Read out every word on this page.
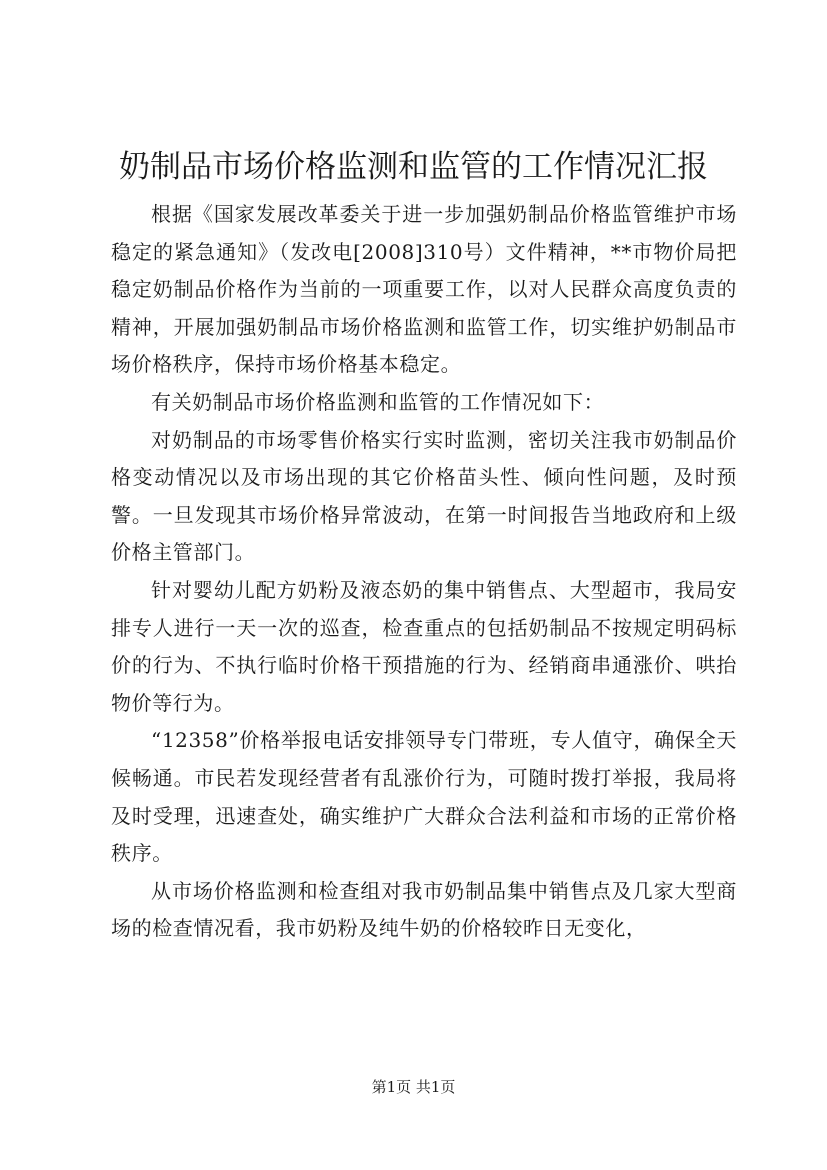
奶制品市场价格监测和监管的工作情况汇报

根据《国家发展改革委关于进一步加强奶制品价格监管维护市场稳定的紧急通知》（发改电[2008]310号）文件精神，**市物价局把稳定奶制品价格作为当前的一项重要工作，以对人民群众高度负责的精神，开展加强奶制品市场价格监测和监管工作，切实维护奶制品市场价格秩序，保持市场价格基本稳定。

有关奶制品市场价格监测和监管的工作情况如下：

对奶制品的市场零售价格实行实时监测，密切关注我市奶制品价格变动情况以及市场出现的其它价格苗头性、倾向性问题，及时预警。一旦发现其市场价格异常波动，在第一时间报告当地政府和上级价格主管部门。

针对婴幼儿配方奶粉及液态奶的集中销售点、大型超市，我局安排专人进行一天一次的巡查，检查重点的包括奶制品不按规定明码标价的行为、不执行临时价格干预措施的行为、经销商串通涨价、哄抬物价等行为。

“12358”价格举报电话安排领导专门带班，专人值守，确保全天候畅通。市民若发现经营者有乱涨价行为，可随时拨打举报，我局将及时受理，迅速查处，确实维护广大群众合法利益和市场的正常价格秩序。

从市场价格监测和检查组对我市奶制品集中销售点及几家大型商场的检查情况看，我市奶粉及纯牛奶的价格较昨日无变化，

第1页 共1页
